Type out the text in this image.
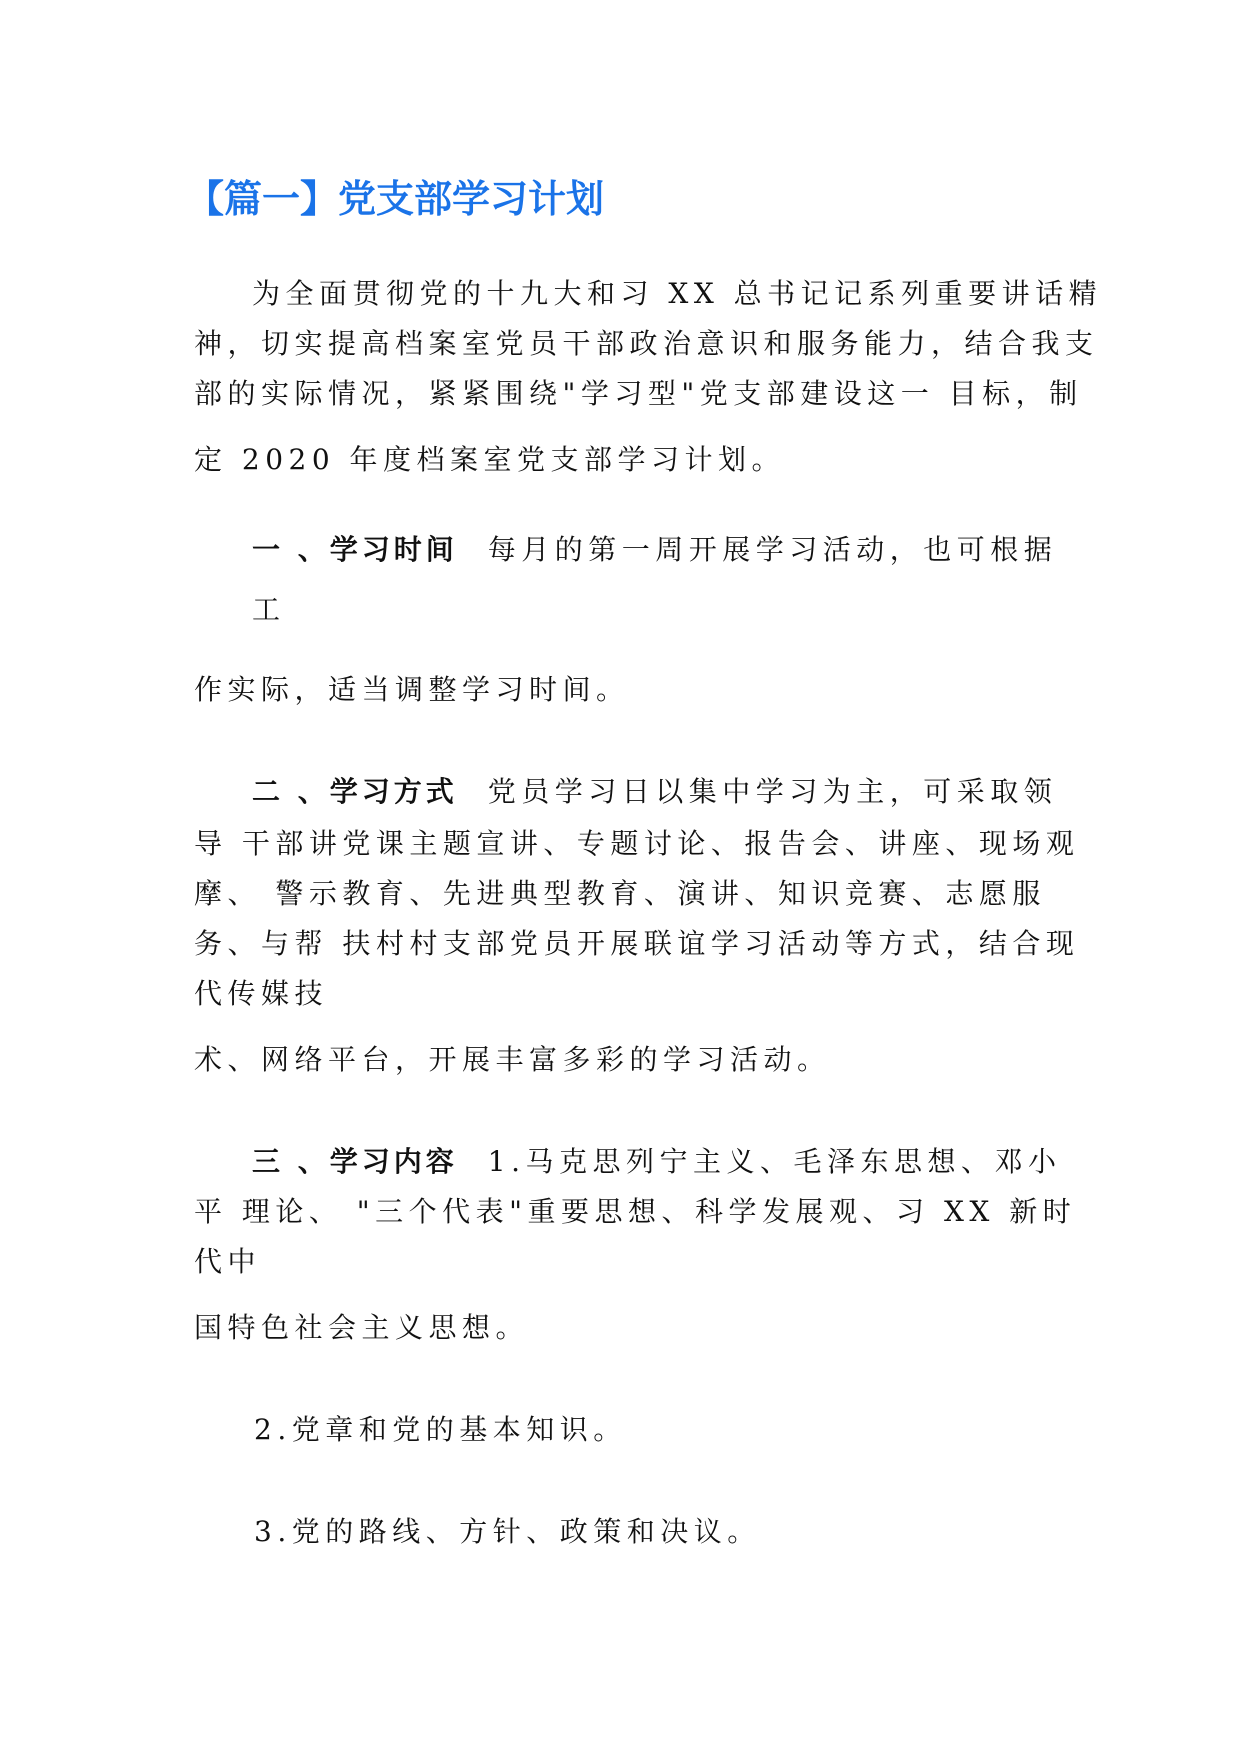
【篇一】党支部学习计划
为全面贯彻党的十九大和习 XX 总书记记系列重要讲话精
神，切实提高档案室党员干部政治意识和服务能力，结合我支
部的实际情况，紧紧围绕"学习型"党支部建设这一 目标，制
定 2020 年度档案室党支部学习计划。
一 、学习时间 每月的第一周开展学习活动，也可根据
工
作实际，适当调整学习时间。
二 、学习方式 党员学习日以集中学习为主，可采取领
导 干部讲党课主题宣讲、专题讨论、报告会、讲座、现场观
摩、 警示教育、先进典型教育、演讲、知识竞赛、志愿服
务、与帮 扶村村支部党员开展联谊学习活动等方式，结合现
代传媒技
术、网络平台，开展丰富多彩的学习活动。
三 、学习内容 1.马克思列宁主义、毛泽东思想、邓小
平 理论、 "三个代表"重要思想、科学发展观、习 XX 新时
代中
国特色社会主义思想。
2.党章和党的基本知识。
3.党的路线、方针、政策和决议。
